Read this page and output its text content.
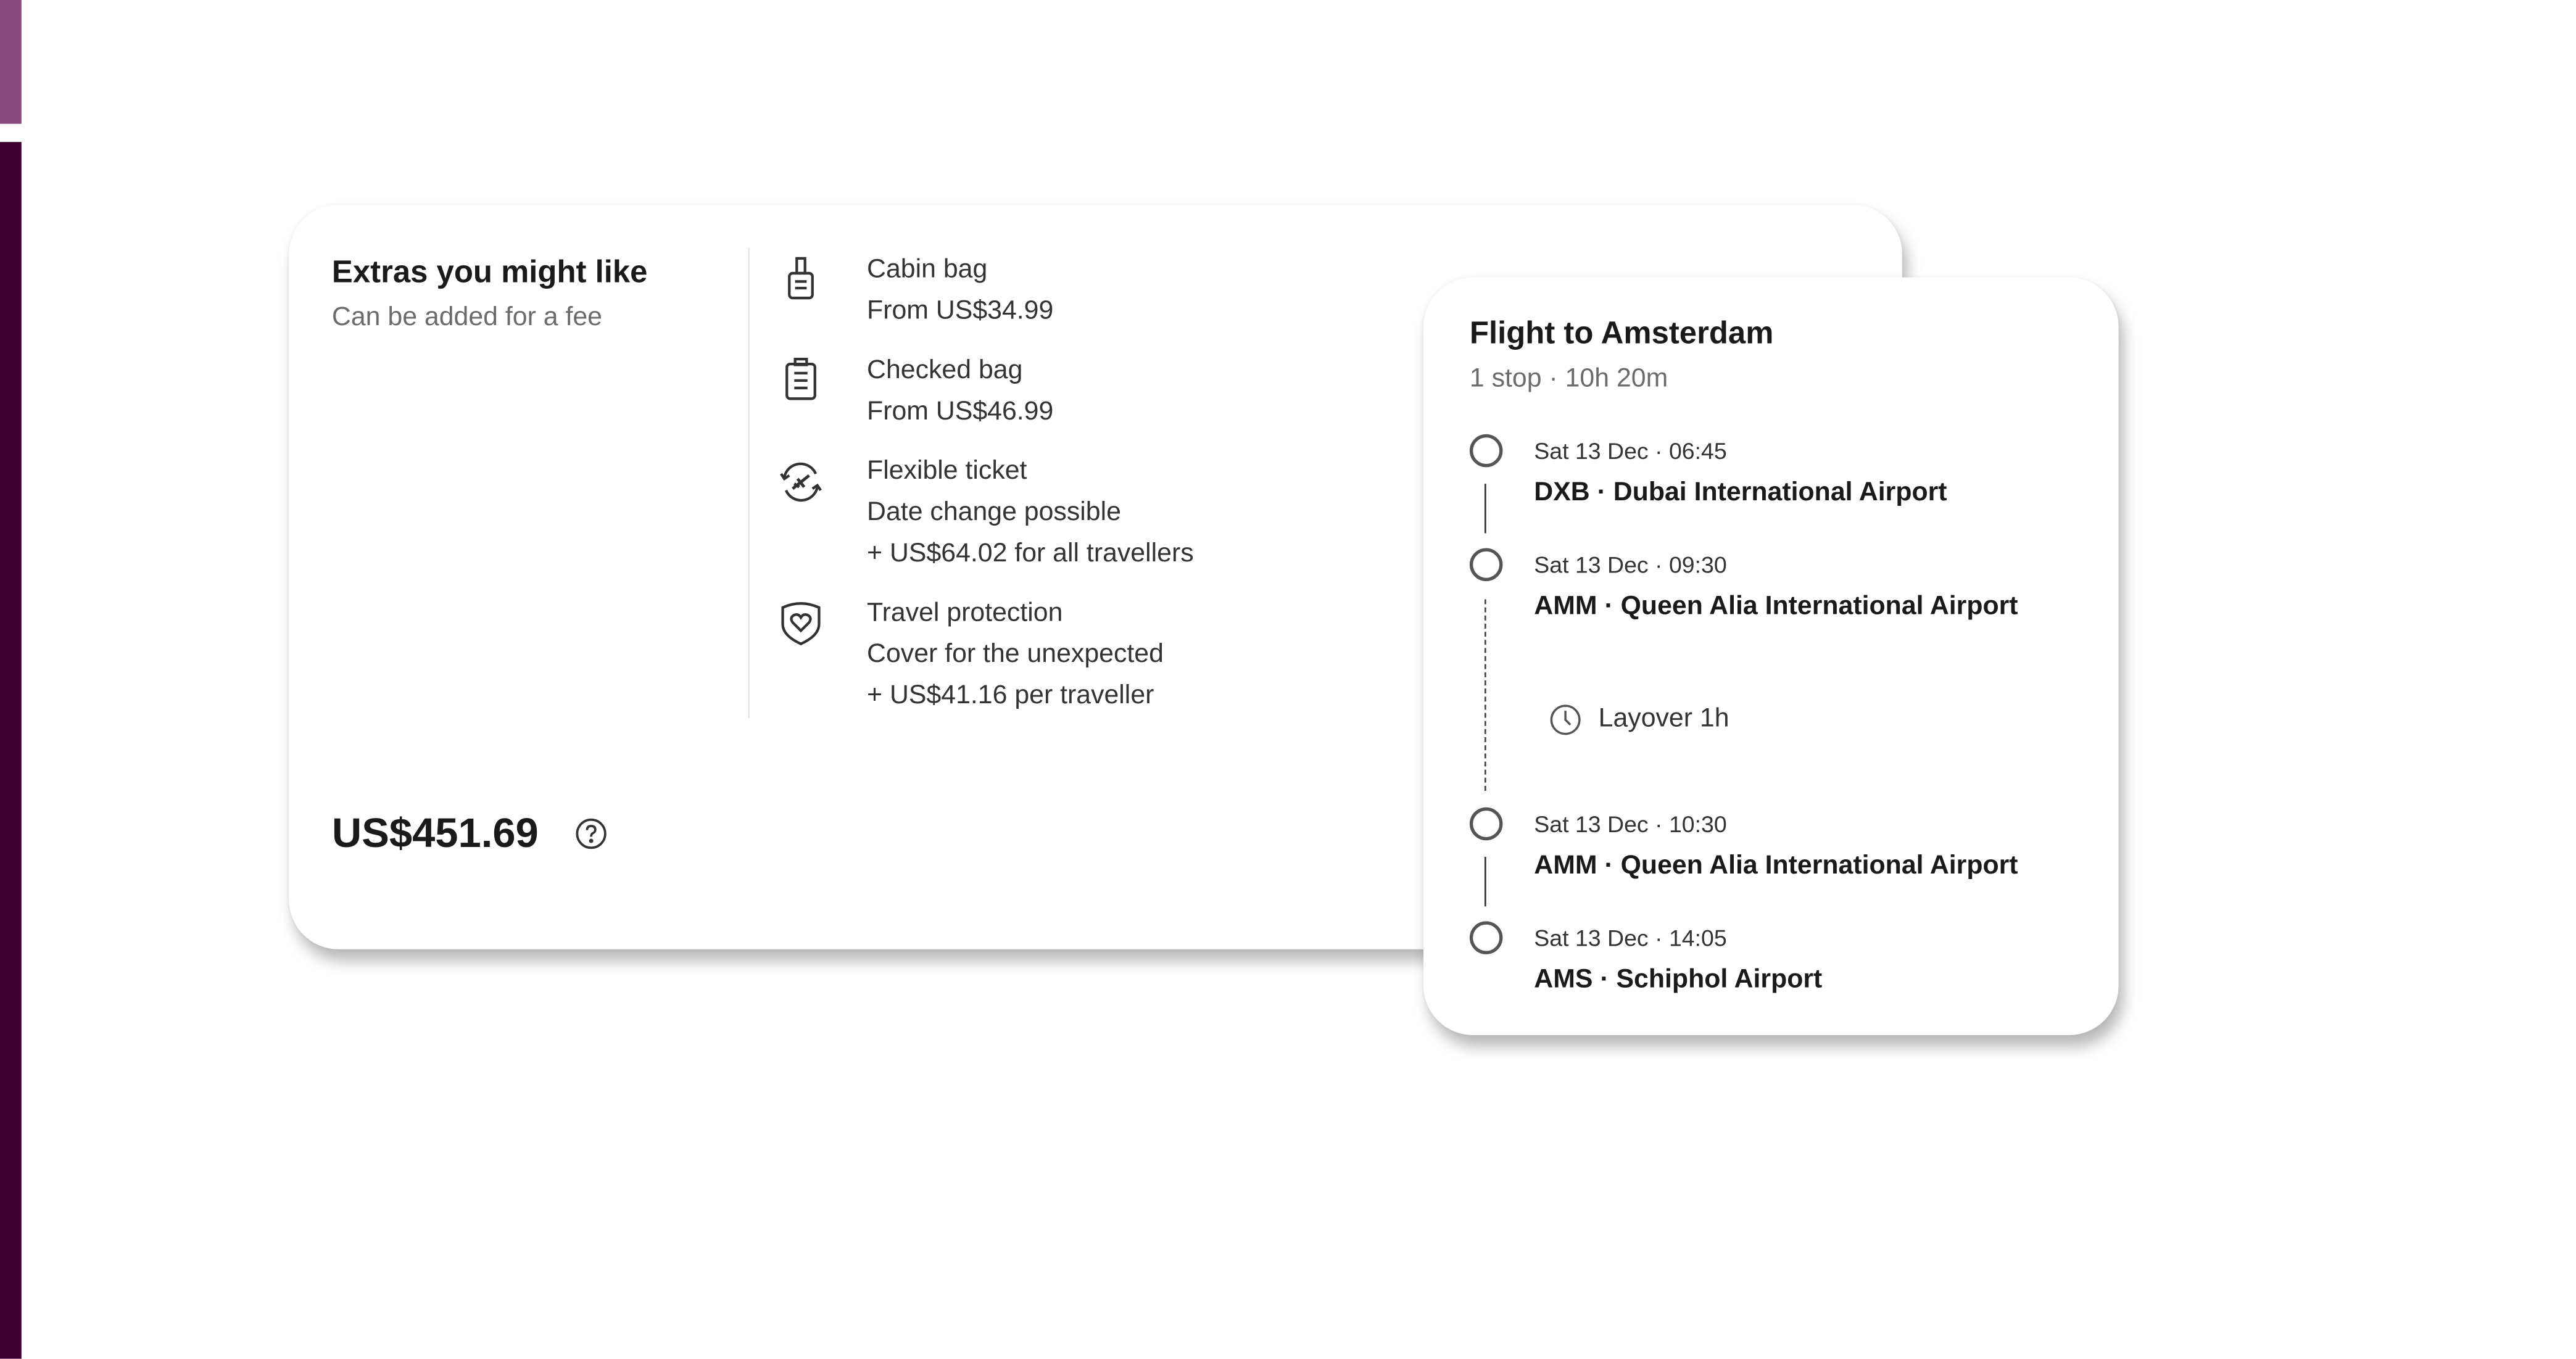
Extras you might like
Can be added for a fee
Cabin bag
From US$34.99
Checked bag
From US$46.99
Flexible ticket
Date change possible
+ US$64.02 for all travellers
Travel protection
Cover for the unexpected
+ US$41.16 per traveller
US$451.69
Flight to Amsterdam
1 stop · 10h 20m
Sat 13 Dec · 06:45
DXB · Dubai International Airport
Sat 13 Dec · 09:30
AMM · Queen Alia International Airport
Layover 1h
Sat 13 Dec · 10:30
AMM · Queen Alia International Airport
Sat 13 Dec · 14:05
AMS · Schiphol Airport
